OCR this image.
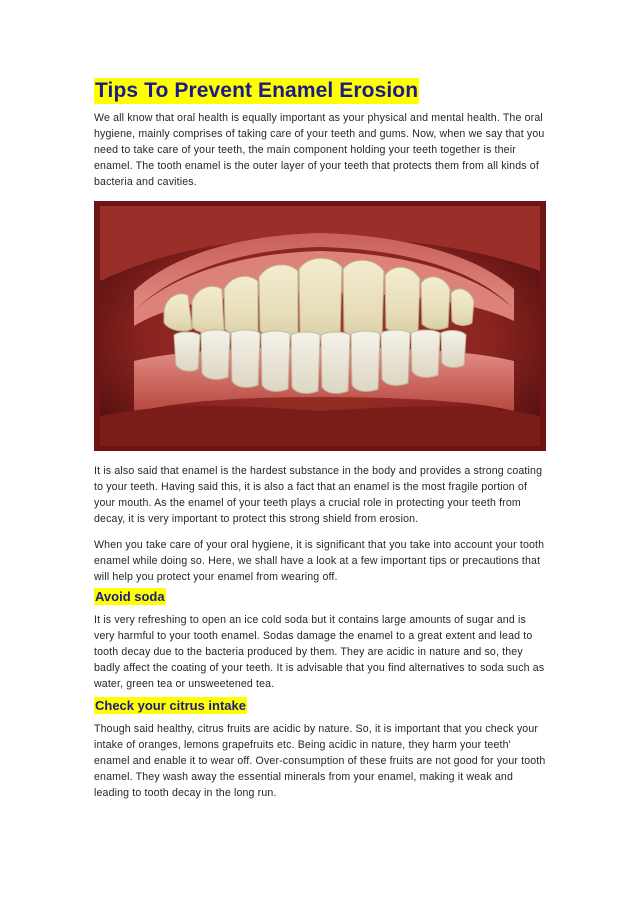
Tips To Prevent Enamel Erosion

We all know that oral health is equally important as your physical and mental health. The oral hygiene, mainly comprises of taking care of your teeth and gums. Now, when we say that you need to take care of your teeth, the main component holding your teeth together is their enamel. The tooth enamel is the outer layer of your teeth that protects them from all kinds of bacteria and cavities.

It is also said that enamel is the hardest substance in the body and provides a strong coating to your teeth. Having said this, it is also a fact that an enamel is the most fragile portion of your mouth. As the enamel of your teeth plays a crucial role in protecting your teeth from decay, it is very important to protect this strong shield from erosion.

When you take care of your oral hygiene, it is significant that you take into account your tooth enamel while doing so. Here, we shall have a look at a few important tips or precautions that will help you protect your enamel from wearing off.

Avoid soda

It is very refreshing to open an ice cold soda but it contains large amounts of sugar and is very harmful to your tooth enamel. Sodas damage the enamel to a great extent and lead to tooth decay due to the bacteria produced by them. They are acidic in nature and so, they badly affect the coating of your teeth. It is advisable that you find alternatives to soda such as water, green tea or unsweetened tea.

Check your citrus intake

Though said healthy, citrus fruits are acidic by nature. So, it is important that you check your intake of oranges, lemons grapefruits etc. Being acidic in nature, they harm your teeth' enamel and enable it to wear off. Over-consumption of these fruits are not good for your tooth enamel. They wash away the essential minerals from your enamel, making it weak and leading to tooth decay in the long run.
